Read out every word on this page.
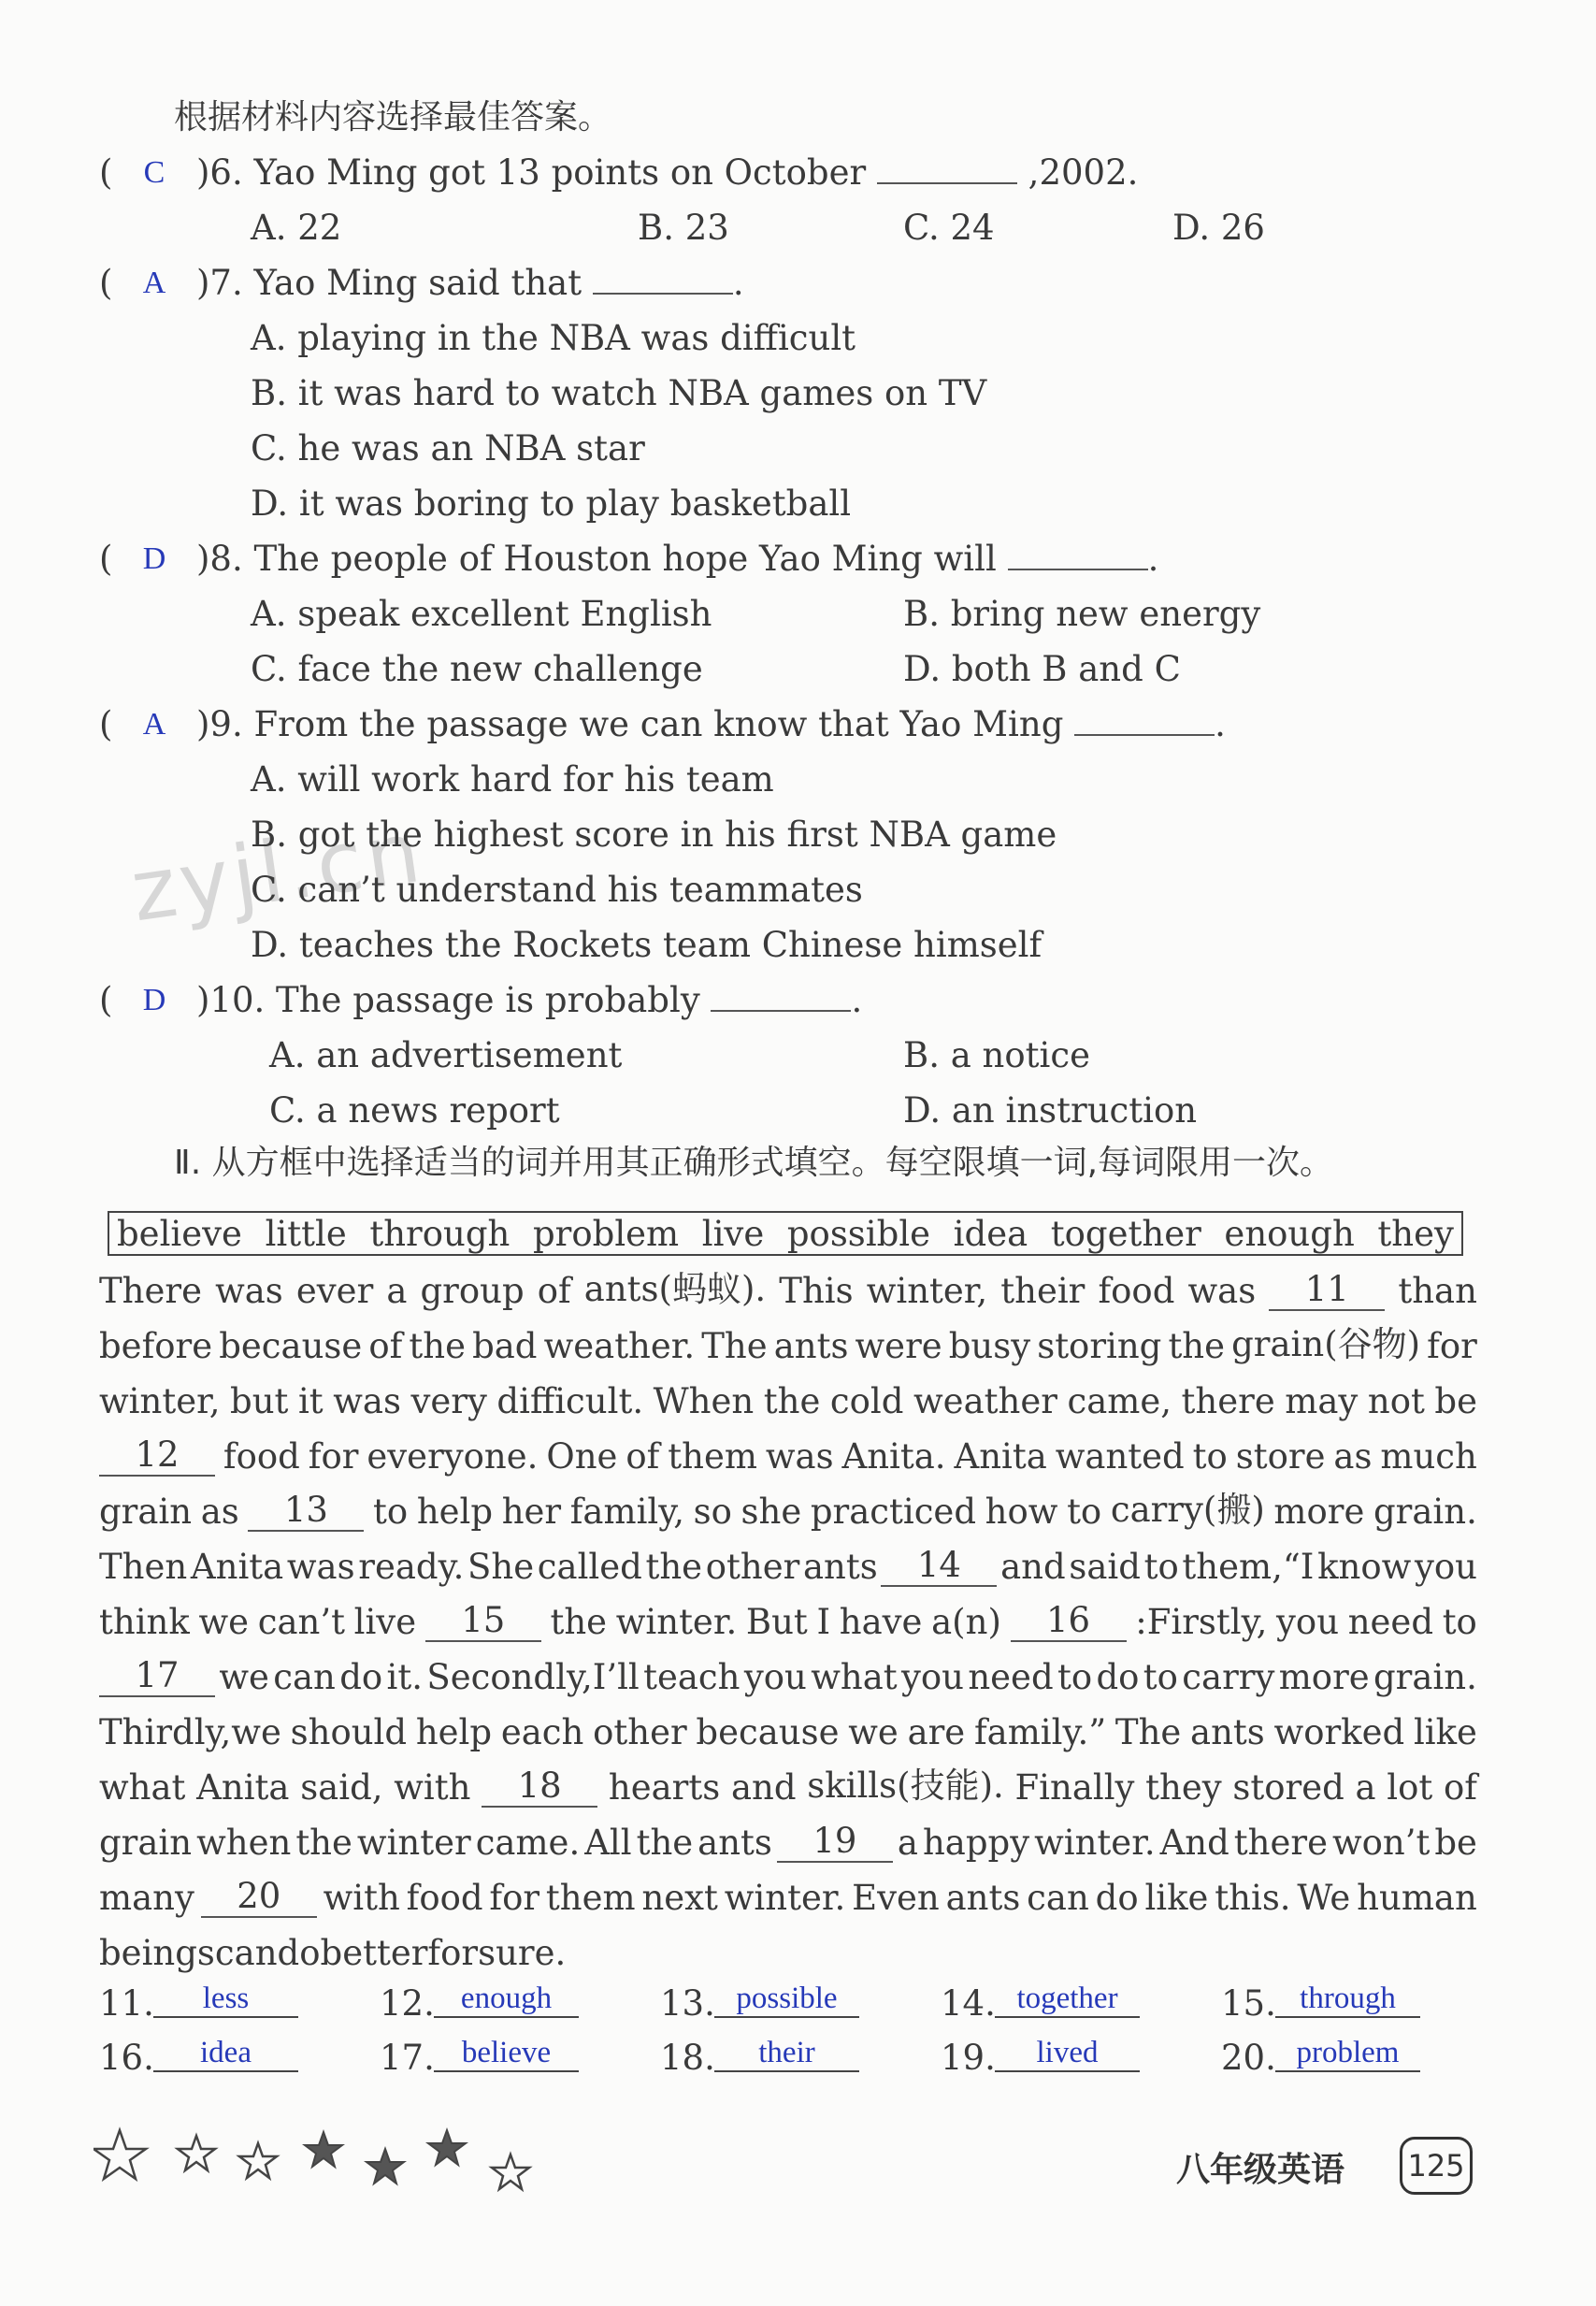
zyjl.cn
根据材料内容选择最佳答案。
( C )6. Yao Ming got 13 points on October	,2002.
A. 22	B. 23	C. 24	D. 26
( A )7. Yao Ming said that	.
A. playing in the NBA was difficult
B. it was hard to watch NBA games on TV
C. he was an NBA star
D. it was boring to play basketball
( D )8. The people of Houston hope Yao Ming will	.
A. speak excellent English	B. bring new energy
C. face the new challenge	D. both B and C
( A )9. From the passage we can know that Yao Ming	.
A. will work hard for his team
B. got the highest score in his first NBA game
C. can’t understand his teammates
D. teaches the Rockets team Chinese himself
( D )10. The passage is probably	.
A. an advertisement	B. a notice
C. a news report	D. an instruction
Ⅱ. 从方框中选择适当的词并用其正确形式填空。每空限填一词,每词限用一次。
believe little through problem live possible idea together enough they
There was ever a group of ants(蚂蚁). This winter, their food was	11	than
before because of the bad weather. The ants were busy storing the grain(谷物) for
winter, but it was very difficult. When the cold weather came, there may not be
12	food for everyone. One of them was Anita. Anita wanted to store as much
grain as	13	to help her family, so she practiced how to carry(搬) more grain.
Then Anita was ready. She called the other ants	14	and said to them,“I know you
think we can’t live	15	the winter. But I have a(n)	16	:Firstly, you need to
17	we can do it. Secondly,I’ll teach you what you need to do to carry more grain.
Thirdly,we should help each other because we are family.” The ants worked like
what Anita said, with	18	hearts and skills(技能). Finally they stored a lot of
grain when the winter came. All the ants	19	a happy winter. And there won’t be
many	20	with food for them next winter. Even ants can do like this. We human
beings can do better for sure.
11. less	12. enough	13. possible	14. together	15. through
16. idea	17. believe	18. their	19. lived	20. problem
八年级英语 125
